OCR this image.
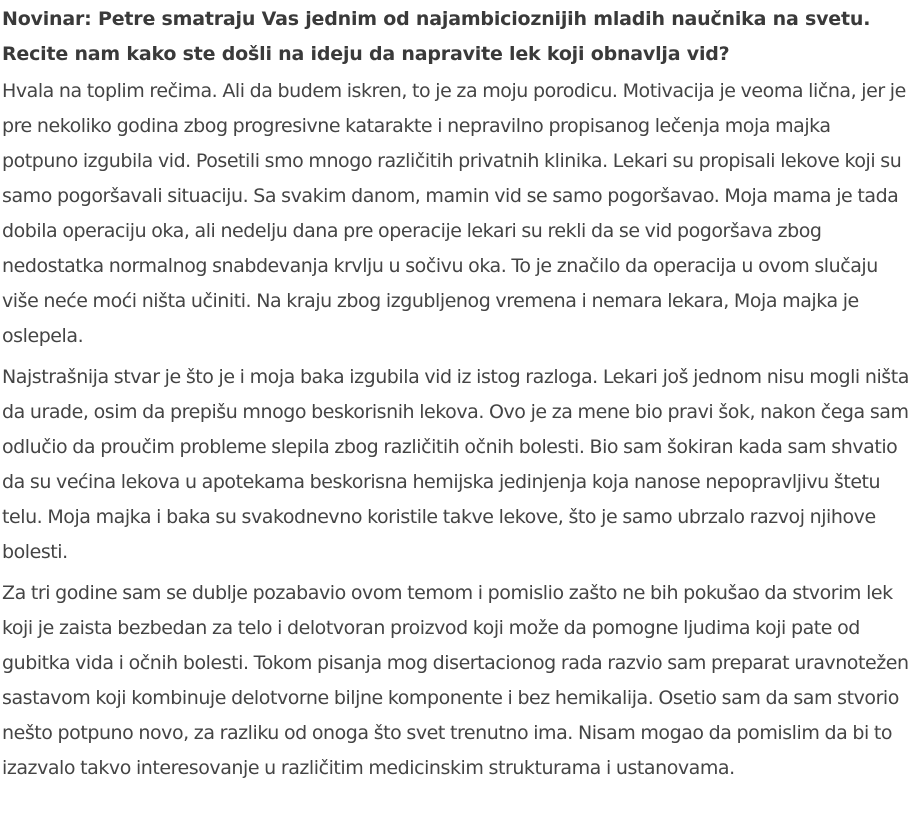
Novinar: Petre smatraju Vas jednim od najambicioznijih mladih naučnika na svetu. Recite nam kako ste došli na ideju da napravite lek koji obnavlja vid?

Hvala na toplim rečima. Ali da budem iskren, to je za moju porodicu. Motivacija je veoma lična, jer je pre nekoliko godina zbog progresivne katarakte i nepravilno propisanog lečenja moja majka potpuno izgubila vid. Posetili smo mnogo različitih privatnih klinika. Lekari su propisali lekove koji su samo pogoršavali situaciju. Sa svakim danom, mamin vid se samo pogoršavao. Moja mama je tada dobila operaciju oka, ali nedelju dana pre operacije lekari su rekli da se vid pogoršava zbog nedostatka normalnog snabdevanja krvlju u sočivu oka. To je značilo da operacija u ovom slučaju više neće moći ništa učiniti. Na kraju zbog izgubljenog vremena i nemara lekara, Moja majka je oslepela.

Najstrašnija stvar je što je i moja baka izgubila vid iz istog razloga. Lekari još jednom nisu mogli ništa da urade, osim da prepišu mnogo beskorisnih lekova. Ovo je za mene bio pravi šok, nakon čega sam odlučio da proučim probleme slepila zbog različitih očnih bolesti. Bio sam šokiran kada sam shvatio da su većina lekova u apotekama beskorisna hemijska jedinjenja koja nanose nepopravljivu štetu telu. Moja majka i baka su svakodnevno koristile takve lekove, što je samo ubrzalo razvoj njihove bolesti.

Za tri godine sam se dublje pozabavio ovom temom i pomislio zašto ne bih pokušao da stvorim lek koji je zaista bezbedan za telo i delotvoran proizvod koji može da pomogne ljudima koji pate od gubitka vida i očnih bolesti. Tokom pisanja mog disertacionog rada razvio sam preparat uravnotežen sastavom koji kombinuje delotvorne biljne komponente i bez hemikalija. Osetio sam da sam stvorio nešto potpuno novo, za razliku od onoga što svet trenutno ima. Nisam mogao da pomislim da bi to izazvalo takvo interesovanje u različitim medicinskim strukturama i ustanovama.
